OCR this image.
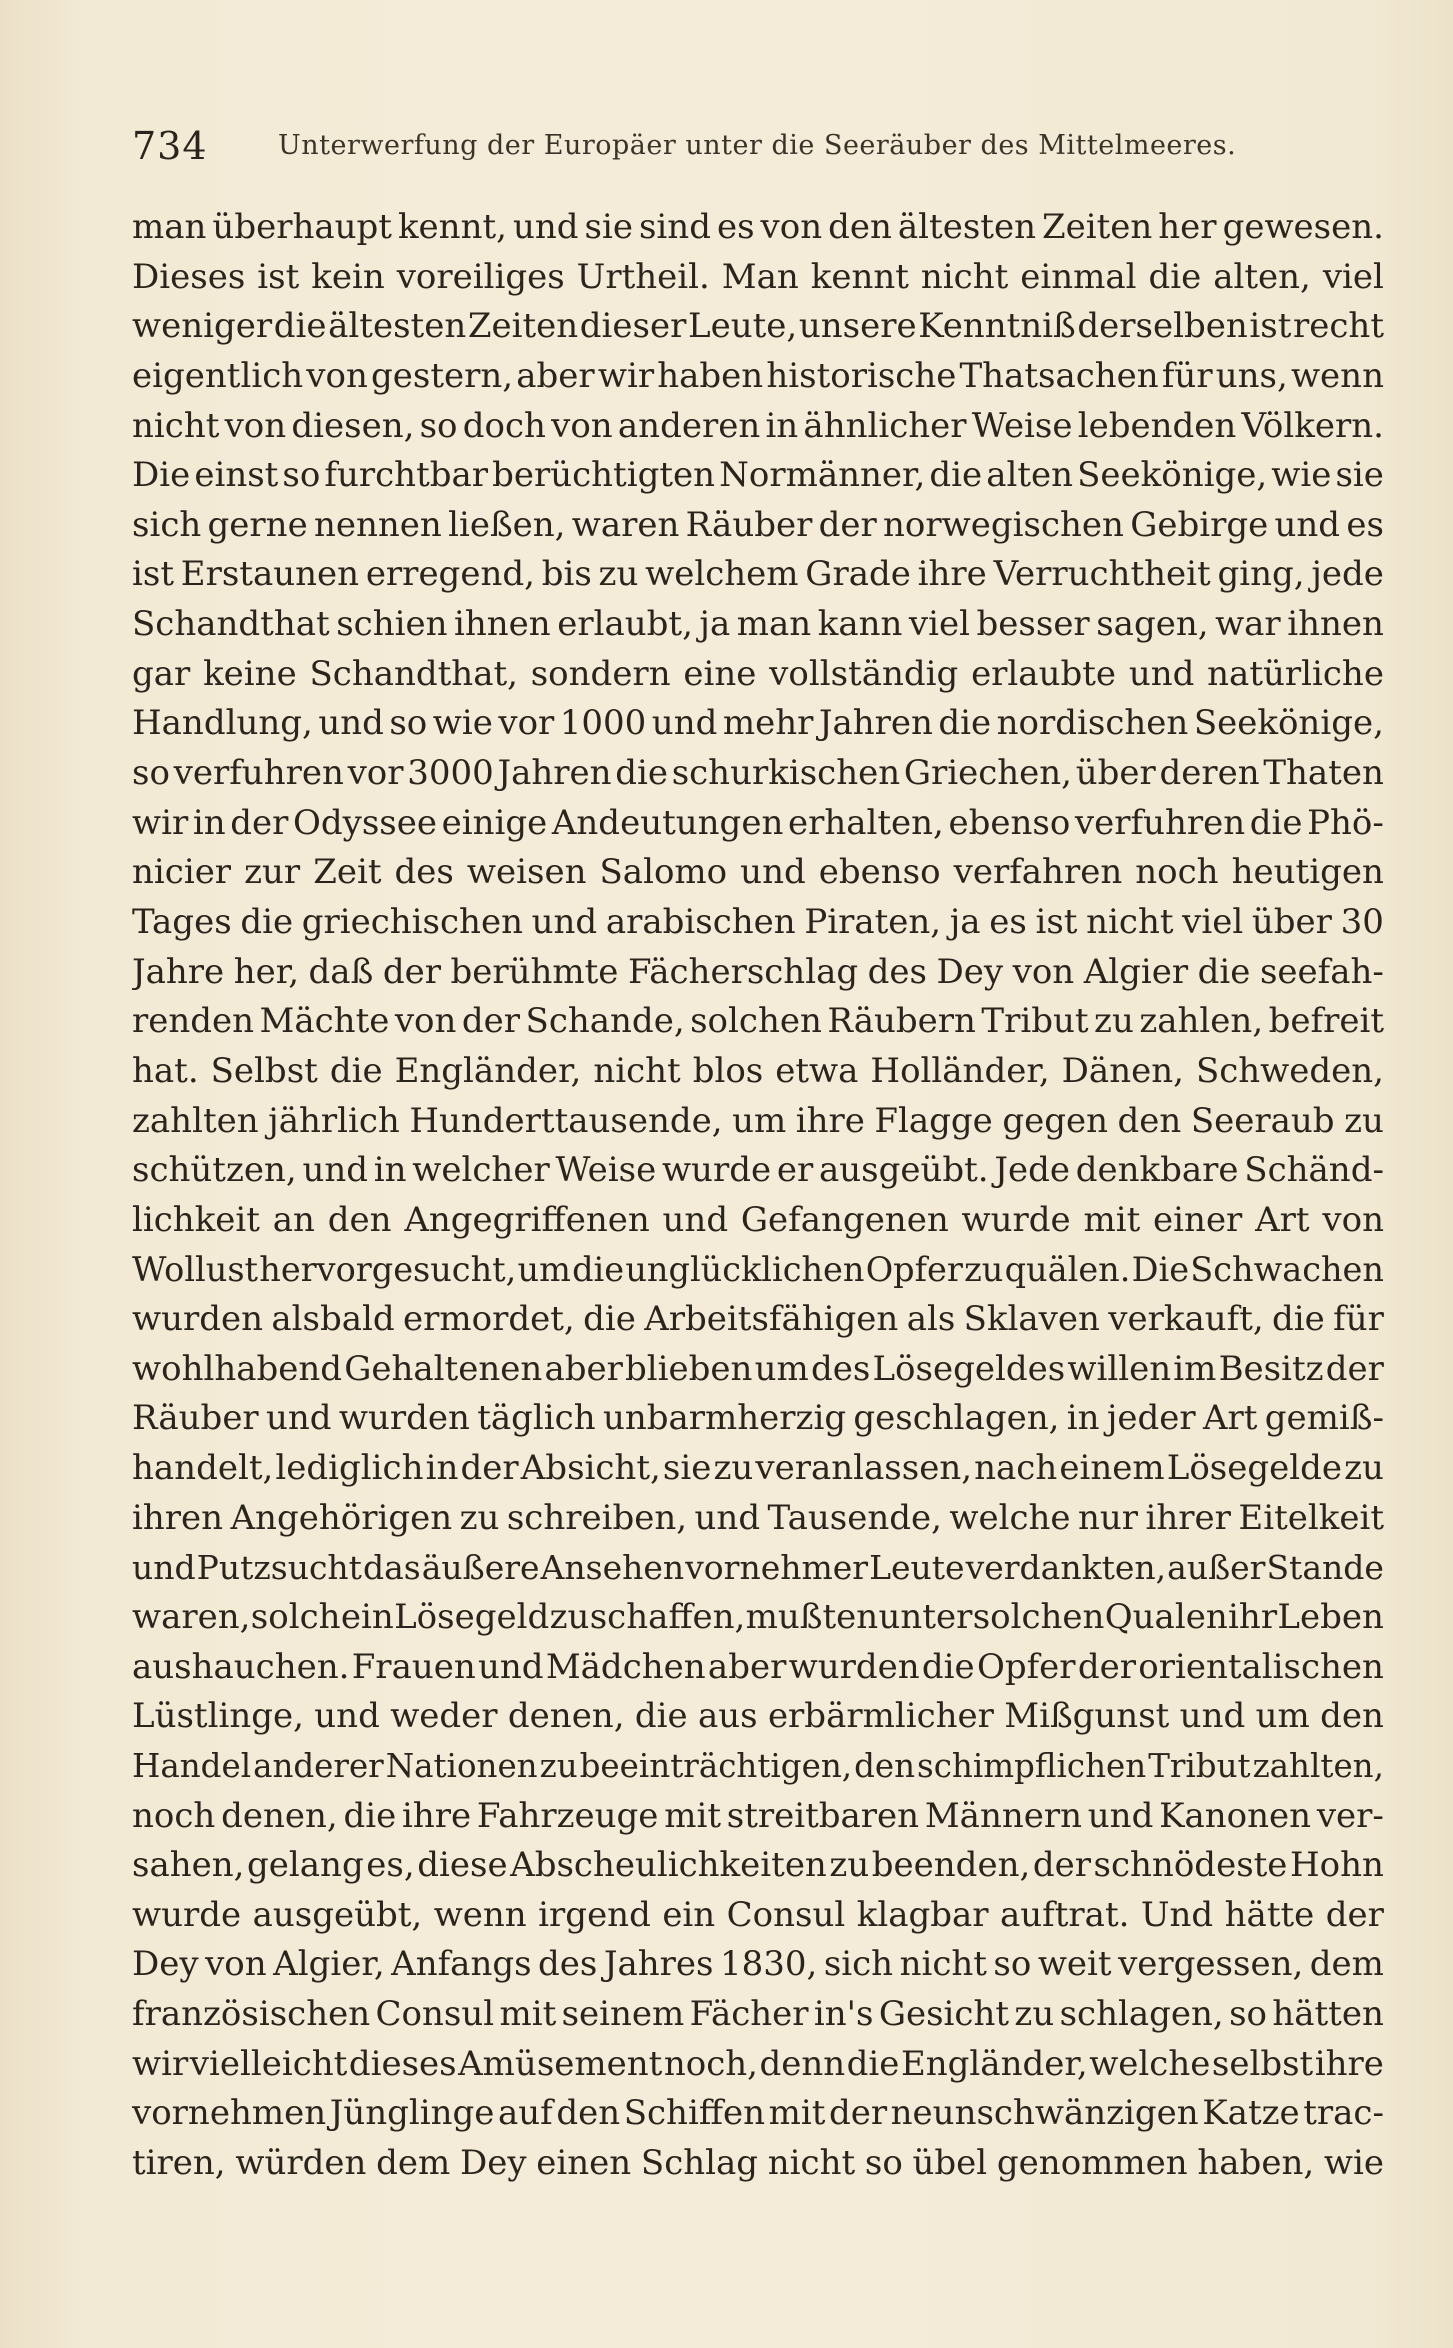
734	Unterwerfung der Europäer unter die Seeräuber des Mittelmeeres.
man überhaupt kennt, und sie sind es von den ältesten Zeiten her gewesen.
Dieses ist kein voreiliges Urtheil. Man kennt nicht einmal die alten, viel
weniger die ältesten Zeiten dieser Leute, unsere Kenntniß derselben ist recht
eigentlich von gestern, aber wir haben historische Thatsachen für uns, wenn
nicht von diesen, so doch von anderen in ähnlicher Weise lebenden Völkern.
Die einst so furchtbar berüchtigten Normänner, die alten Seekönige, wie sie
sich gerne nennen ließen, waren Räuber der norwegischen Gebirge und es
ist Erstaunen erregend, bis zu welchem Grade ihre Verruchtheit ging, jede
Schandthat schien ihnen erlaubt, ja man kann viel besser sagen, war ihnen
gar keine Schandthat, sondern eine vollständig erlaubte und natürliche
Handlung, und so wie vor 1000 und mehr Jahren die nordischen Seekönige,
so verfuhren vor 3000 Jahren die schurkischen Griechen, über deren Thaten
wir in der Odyssee einige Andeutungen erhalten, ebenso verfuhren die Phö-
nicier zur Zeit des weisen Salomo und ebenso verfahren noch heutigen
Tages die griechischen und arabischen Piraten, ja es ist nicht viel über 30
Jahre her, daß der berühmte Fächerschlag des Dey von Algier die seefah-
renden Mächte von der Schande, solchen Räubern Tribut zu zahlen, befreit
hat. Selbst die Engländer, nicht blos etwa Holländer, Dänen, Schweden,
zahlten jährlich Hunderttausende, um ihre Flagge gegen den Seeraub zu
schützen, und in welcher Weise wurde er ausgeübt. Jede denkbare Schänd-
lichkeit an den Angegriffenen und Gefangenen wurde mit einer Art von
Wollust hervorgesucht, um die unglücklichen Opfer zu quälen. Die Schwachen
wurden alsbald ermordet, die Arbeitsfähigen als Sklaven verkauft, die für
wohlhabend Gehaltenen aber blieben um des Lösegeldes willen im Besitz der
Räuber und wurden täglich unbarmherzig geschlagen, in jeder Art gemiß-
handelt, lediglich in der Absicht, sie zu veranlassen, nach einem Lösegelde zu
ihren Angehörigen zu schreiben, und Tausende, welche nur ihrer Eitelkeit
und Putzsucht das äußere Ansehen vornehmer Leute verdankten, außer Stande
waren, solch ein Lösegeld zu schaffen, mußten unter solchen Qualen ihr Leben
aushauchen. Frauen und Mädchen aber wurden die Opfer der orientalischen
Lüstlinge, und weder denen, die aus erbärmlicher Mißgunst und um den
Handel anderer Nationen zu beeinträchtigen, den schimpflichen Tribut zahlten,
noch denen, die ihre Fahrzeuge mit streitbaren Männern und Kanonen ver-
sahen, gelang es, diese Abscheulichkeiten zu beenden, der schnödeste Hohn
wurde ausgeübt, wenn irgend ein Consul klagbar auftrat. Und hätte der
Dey von Algier, Anfangs des Jahres 1830, sich nicht so weit vergessen, dem
französischen Consul mit seinem Fächer in's Gesicht zu schlagen, so hätten
wir vielleicht dieses Amüsement noch, denn die Engländer, welche selbst ihre
vornehmen Jünglinge auf den Schiffen mit der neunschwänzigen Katze trac-
tiren, würden dem Dey einen Schlag nicht so übel genommen haben, wie
